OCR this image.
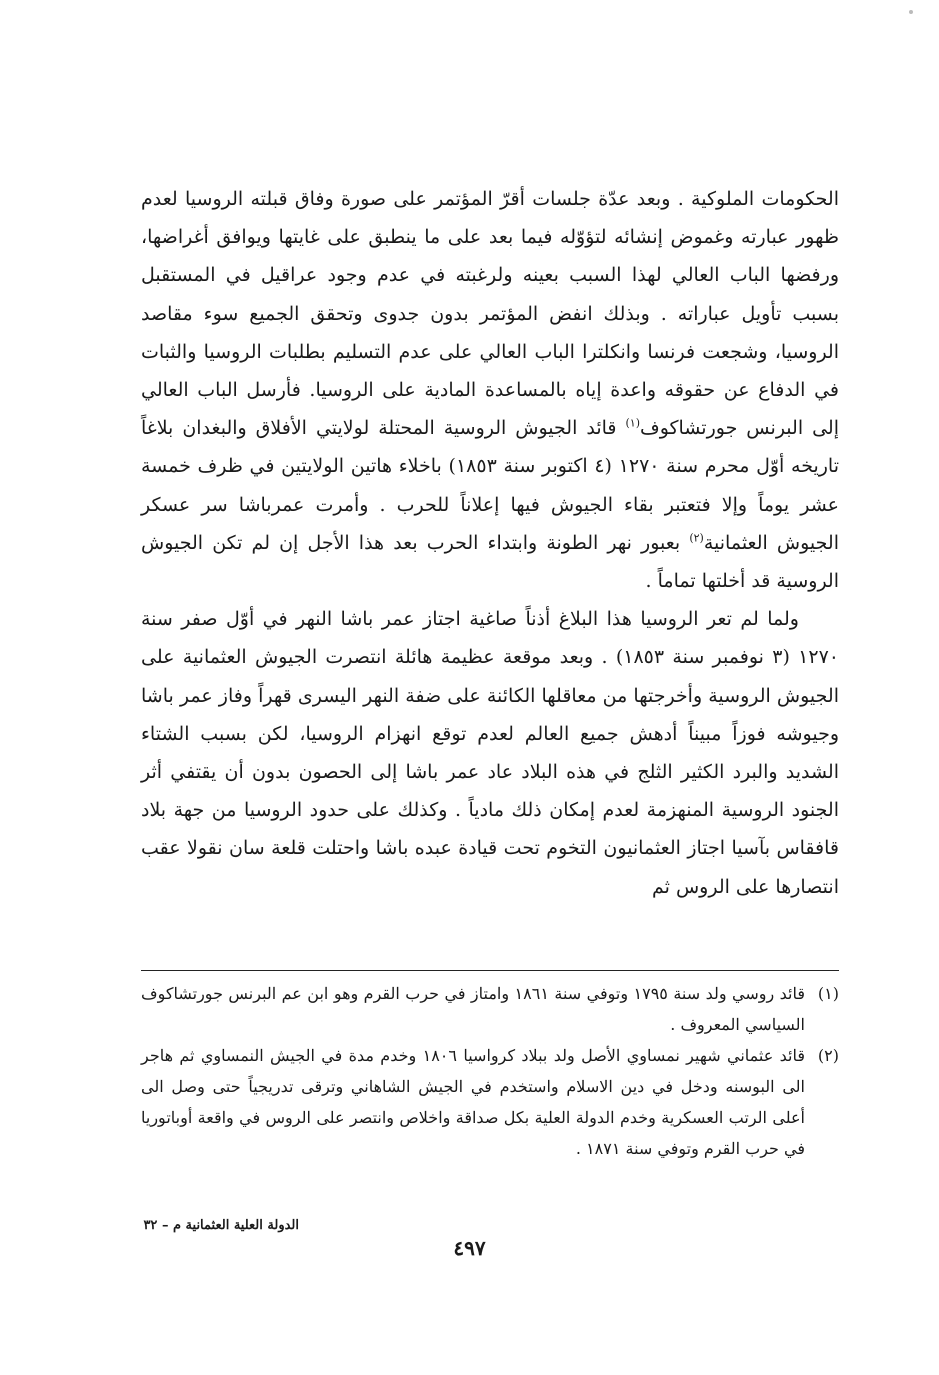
الحكومات الملوكية . وبعد عدّة جلسات أقرّ المؤتمر على صورة وفاق قبلته الروسيا لعدم ظهور عبارته وغموض إنشائه لتؤوّله فيما بعد على ما ينطبق على غايتها ويوافق أغراضها، ورفضها الباب العالي لهذا السبب بعينه ولرغبته في عدم وجود عراقيل في المستقبل بسبب تأويل عباراته . وبذلك انفض المؤتمر بدون جدوى وتحقق الجميع سوء مقاصد الروسيا، وشجعت فرنسا وانكلترا الباب العالي على عدم التسليم بطلبات الروسيا والثبات في الدفاع عن حقوقه واعدة إياه بالمساعدة المادية على الروسيا. فأرسل الباب العالي إلى البرنس جورتشاكوف$^{(١)}$ قائد الجيوش الروسية المحتلة لولايتي الأفلاق والبغدان بلاغاً تاريخه أوّل محرم سنة ١٢٧٠ (٤ اكتوبر سنة ١٨٥٣) باخلاء هاتين الولايتين في ظرف خمسة عشر يوماً وإلا فتعتبر بقاء الجيوش فيها إعلاناً للحرب . وأمرت عمرباشا سر عسكر الجيوش العثمانية$^{(٢)}$ بعبور نهر الطونة وابتداء الحرب بعد هذا الأجل إن لم تكن الجيوش الروسية قد أخلتها تماماً .

ولما لم تعر الروسيا هذا البلاغ أذناً صاغية اجتاز عمر باشا النهر في أوّل صفر سنة ١٢٧٠ (٣ نوفمبر سنة ١٨٥٣) . وبعد موقعة عظيمة هائلة انتصرت الجيوش العثمانية على الجيوش الروسية وأخرجتها من معاقلها الكائنة على ضفة النهر اليسرى قهراً وفاز عمر باشا وجيوشه فوزاً مبيناً أدهش جميع العالم لعدم توقع انهزام الروسيا، لكن بسبب الشتاء الشديد والبرد الكثير الثلج في هذه البلاد عاد عمر باشا إلى الحصون بدون أن يقتفي أثر الجنود الروسية المنهزمة لعدم إمكان ذلك مادياً . وكذلك على حدود الروسيا من جهة بلاد قافقاس بآسيا اجتاز العثمانيون التخوم تحت قيادة عبده باشا واحتلت قلعة سان نقولا عقب انتصارها على الروس ثم

(١)
قائد روسي ولد سنة ١٧٩٥ وتوفي سنة ١٨٦١ وامتاز في حرب القرم وهو ابن عم البرنس جورتشاكوف السياسي المعروف .
(٢)
قائد عثماني شهير نمساوي الأصل ولد ببلاد كرواسيا ١٨٠٦ وخدم مدة في الجيش النمساوي ثم هاجر الى البوسنه ودخل في دين الاسلام واستخدم في الجيش الشاهاني وترقى تدريجياً حتى وصل الى أعلى الرتب العسكرية وخدم الدولة العلية بكل صداقة واخلاص وانتصر على الروس في واقعة أوباتوريا في حرب القرم وتوفي سنة ١٨٧١ .
الدولة العلية العثمانية م – ٣٢
٤٩٧
